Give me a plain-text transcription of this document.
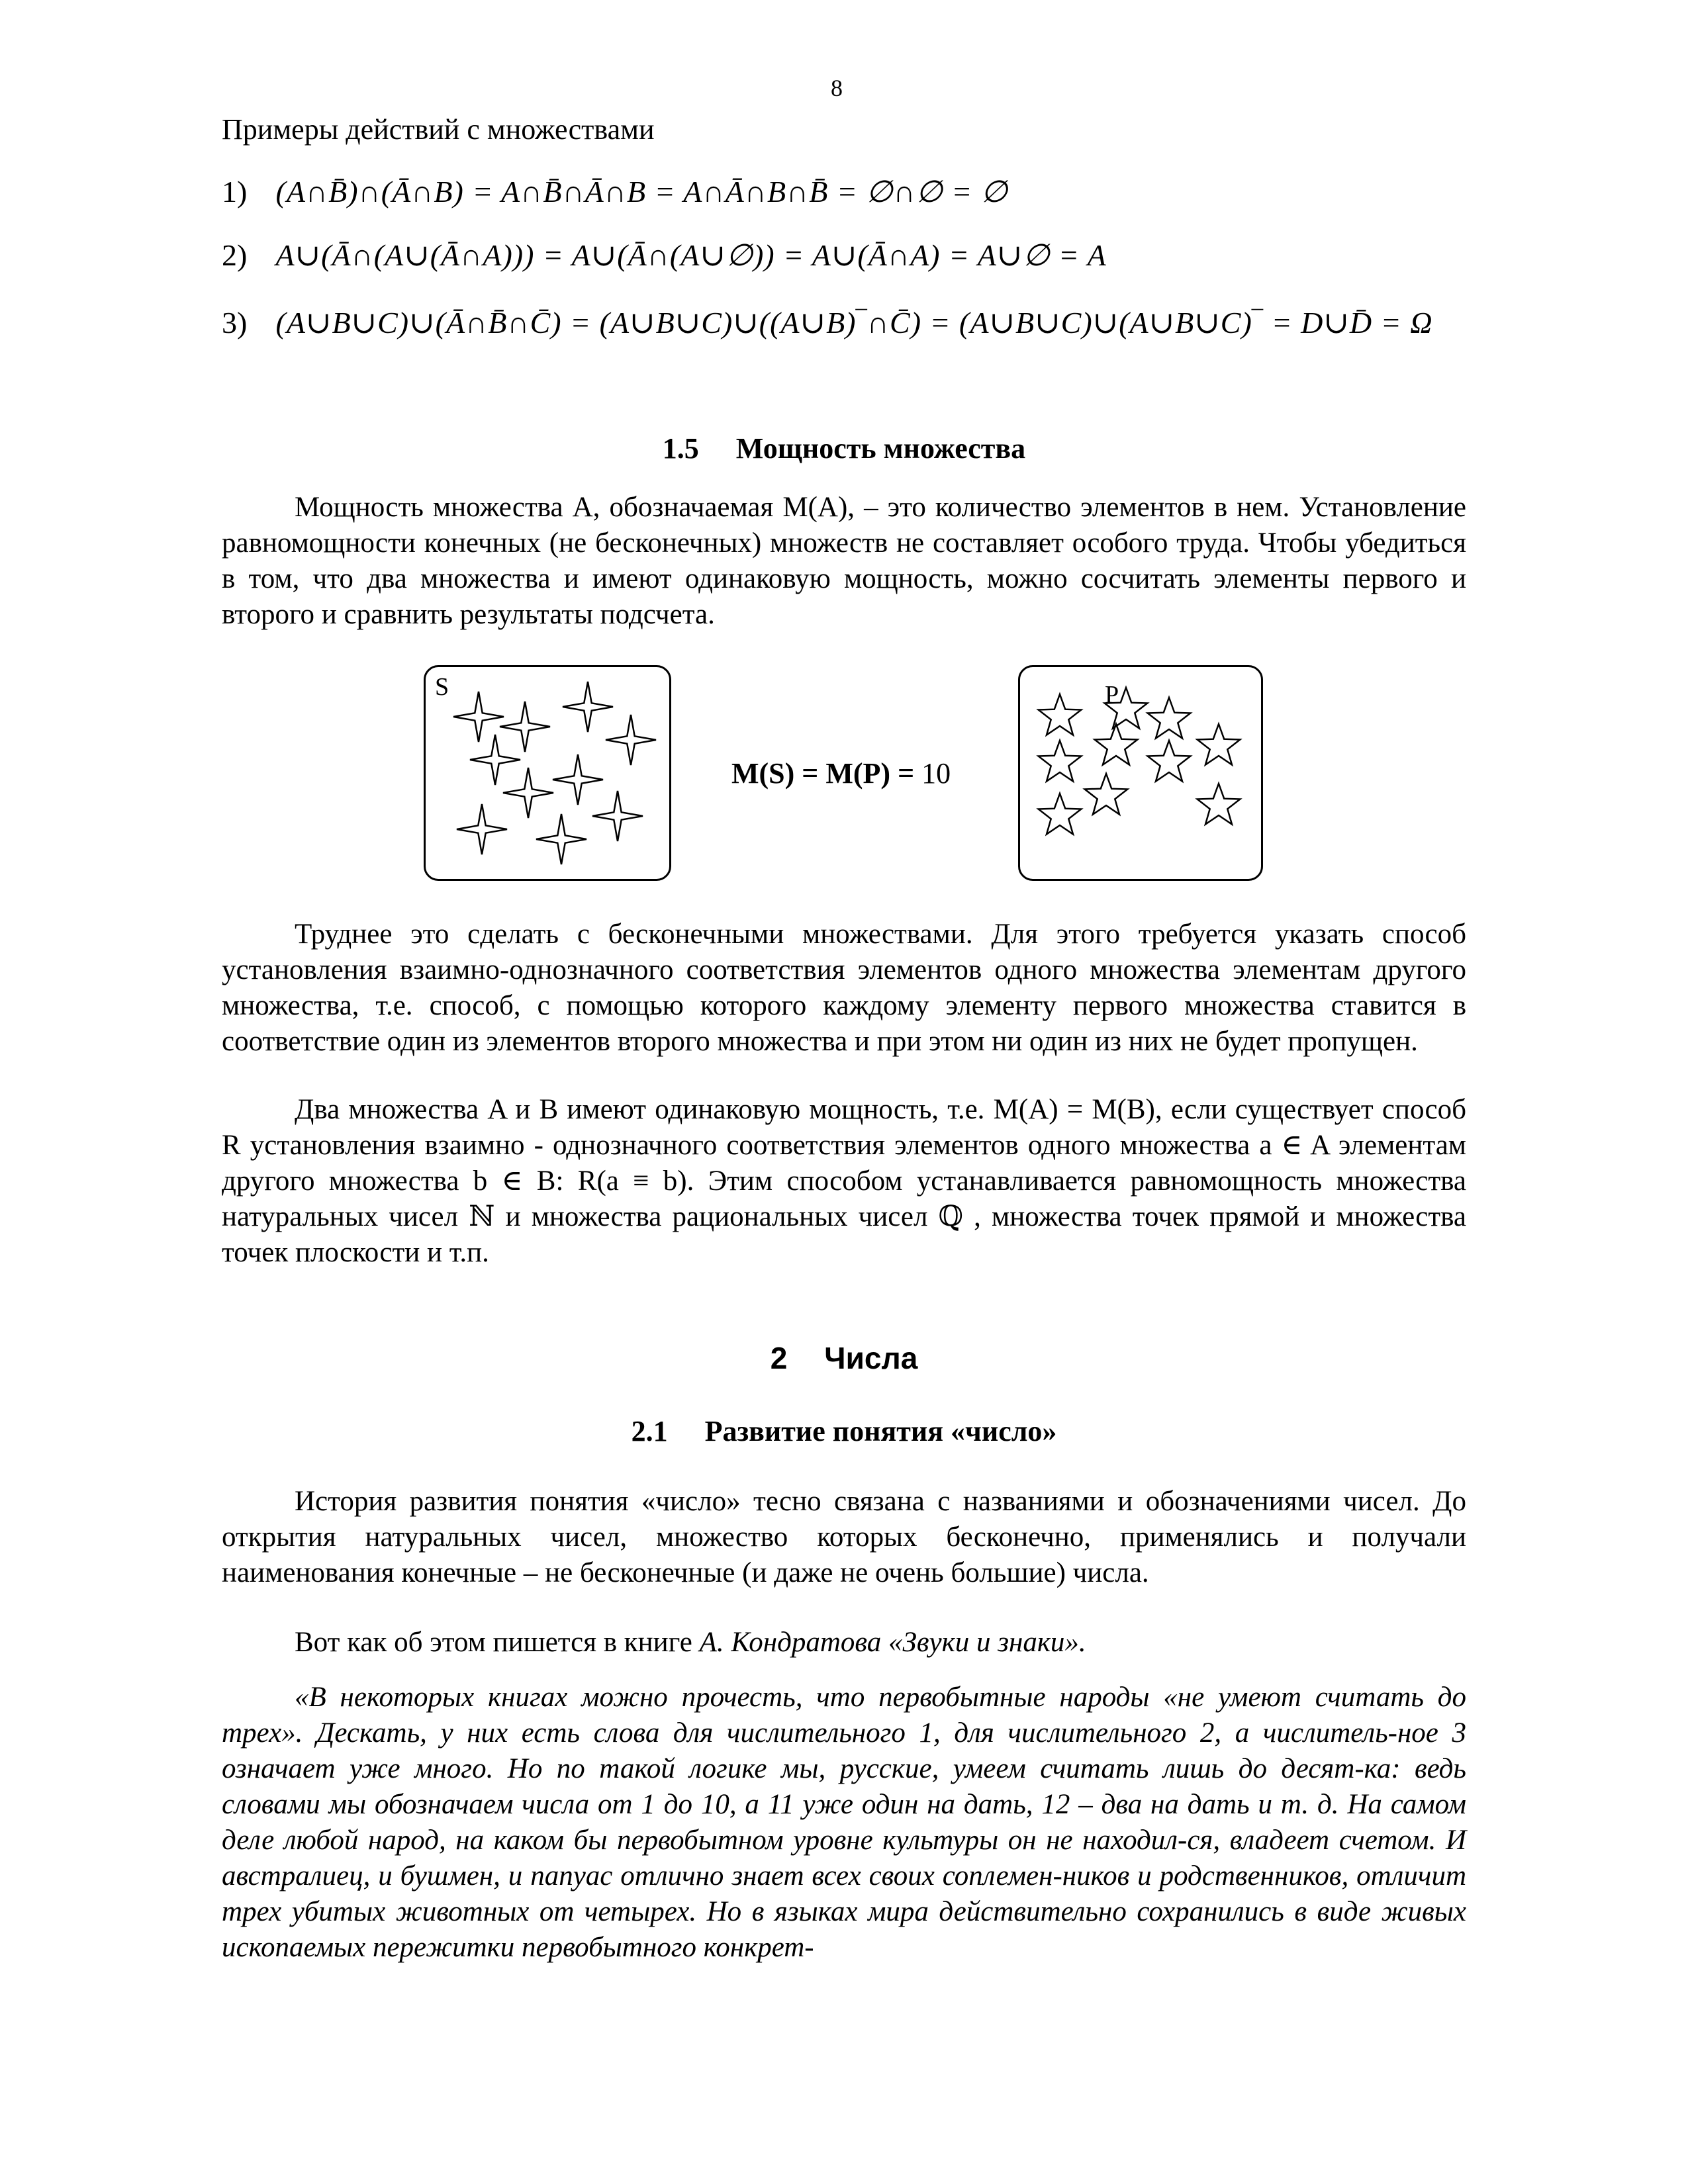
8
Примеры действий с множествами
1) (A∩B̄)∩(Ā∩B) = A∩B̄∩Ā∩B = A∩Ā∩B∩B̄ = ∅∩∅ = ∅
2) A∪(Ā∩(A∪(Ā∩A))) = A∪(Ā∩(A∪∅)) = A∪(Ā∩A) = A∪∅ = A
3) (A∪B∪C)∪(Ā∩B̄∩C̄) = (A∪B∪C)∪((A∪B)‾∩C̄) = (A∪B∪C)∪(A∪B∪C)‾ = D∪D̄ = Ω
1.5 Мощность множества
Мощность множества A, обозначаемая M(A), – это количество элементов в нем. Установление равномощности конечных (не бесконечных) множеств не составляет особого труда. Чтобы убедиться в том, что два множества и имеют одинаковую мощность, можно сосчитать элементы первого и второго и сравнить результаты подсчета.
S
M(S) = M(P) = 10
P
Труднее это сделать с бесконечными множествами. Для этого требуется указать способ установления взаимно-однозначного соответствия элементов одного множества элементам другого множества, т.е. способ, с помощью которого каждому элементу первого множества ставится в соответствие один из элементов второго множества и при этом ни один из них не будет пропущен.
Два множества A и B имеют одинаковую мощность, т.е. M(A) = M(B), если существует способ R установления взаимно - однозначного соответствия элементов одного множества a ∈ A элементам другого множества b ∈ B: R(a ≡ b). Этим способом устанавливается равномощность множества натуральных чисел ℕ и множества рациональных чисел ℚ , множества точек прямой и множества точек плоскости и т.п.
2 Числа
2.1 Развитие понятия «число»
История развития понятия «число» тесно связана с названиями и обозначениями чисел. До открытия натуральных чисел, множество которых бесконечно, применялись и получали наименования конечные – не бесконечные (и даже не очень большие) числа.
Вот как об этом пишется в книге А. Кондратова «Звуки и знаки».
«В некоторых книгах можно прочесть, что первобытные народы «не умеют считать до трех». Дескать, у них есть слова для числительного 1, для числительного 2, а числитель-ное 3 означает уже много. Но по такой логике мы, русские, умеем считать лишь до десят-ка: ведь словами мы обозначаем числа от 1 до 10, а 11 уже один на дать, 12 – два на дать и т. д. На самом деле любой народ, на каком бы первобытном уровне культуры он не находил-ся, владеет счетом. И австралиец, и бушмен, и папуас отлично знает всех своих соплемен-ников и родственников, отличит трех убитых животных от четырех. Но в языках мира действительно сохранились в виде живых ископаемых пережитки первобытного конкрет-
